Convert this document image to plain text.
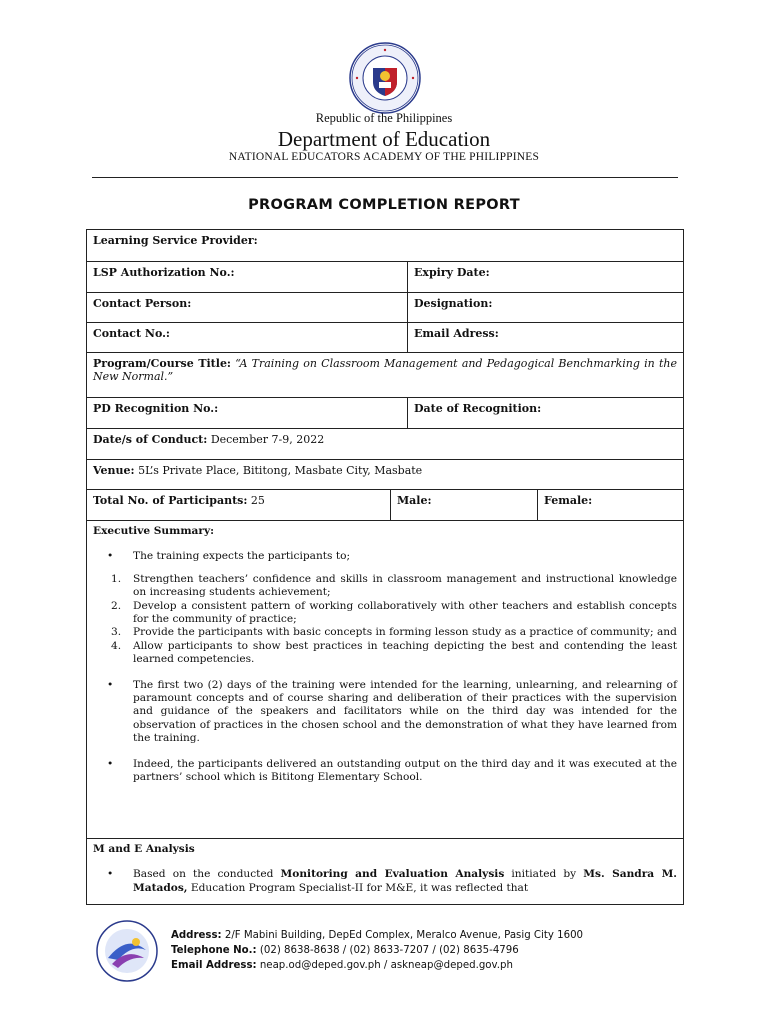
Republic of the Philippines
Department of Education
NATIONAL EDUCATORS ACADEMY OF THE PHILIPPINES
PROGRAM COMPLETION REPORT
Learning Service Provider:
LSP Authorization No.:	Expiry Date:
Contact Person:	Designation:
Contact No.:	Email Adress:
Program/Course Title: “A Training on Classroom Management and Pedagogical Benchmarking in the New Normal.”
PD Recognition No.:	Date of Recognition:
Date/s of Conduct: December 7-9, 2022
Venue: 5L’s Private Place, Bititong, Masbate City, Masbate
Total No. of Participants: 25	Male:	Female:
Executive Summary:
•	The training expects the participants to;
1.	Strengthen teachers’ confidence and skills in classroom management and instructional knowledge on increasing students achievement;
2.	Develop a consistent pattern of working collaboratively with other teachers and establish concepts for the community of practice;
3.	Provide the participants with basic concepts in forming lesson study as a practice of community; and
4.	Allow participants to show best practices in teaching depicting the best and contending the least learned competencies.
•	The first two (2) days of the training were intended for the learning, unlearning, and relearning of paramount concepts and of course sharing and deliberation of their practices with the supervision and guidance of the speakers and facilitators while on the third day was intended for the observation of practices in the chosen school and the demonstration of what they have learned from the training.
•	Indeed, the participants delivered an outstanding output on the third day and it was executed at the partners’ school which is Bititong Elementary School.
M and E Analysis
•	Based on the conducted Monitoring and Evaluation Analysis initiated by Ms. Sandra M. Matados, Education Program Specialist-II for M&E, it was reflected that
Address: 2/F Mabini Building, DepEd Complex, Meralco Avenue, Pasig City 1600
Telephone No.: (02) 8638-8638 / (02) 8633-7207 / (02) 8635-4796
Email Address: neap.od@deped.gov.ph / askneap@deped.gov.ph
